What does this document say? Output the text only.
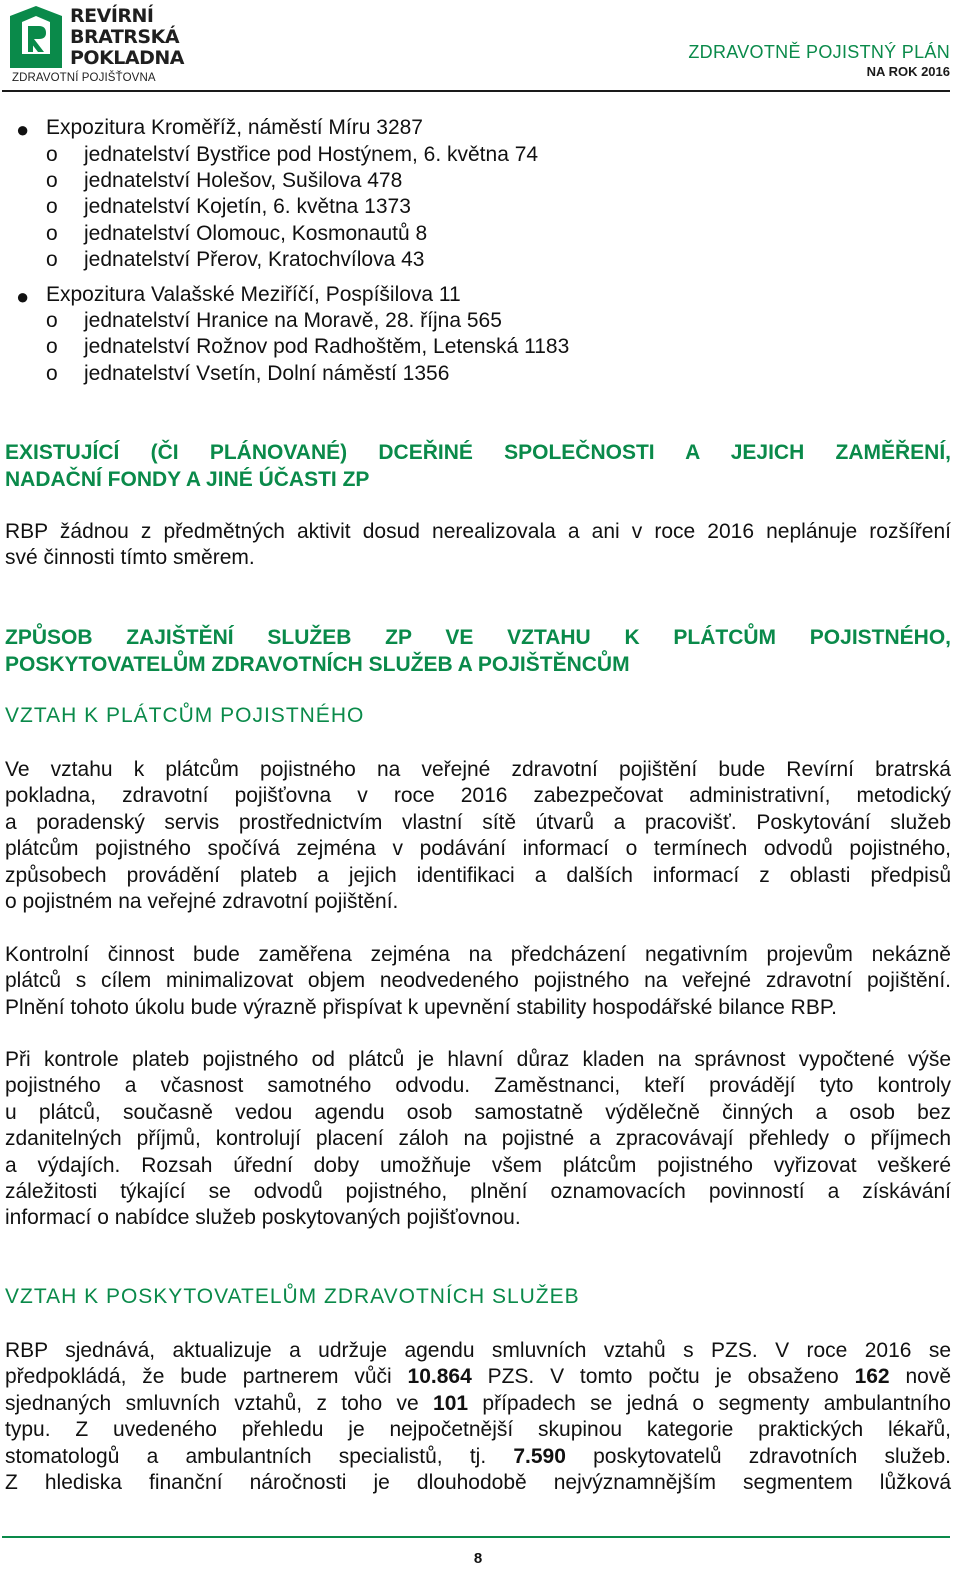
REVÍRNÍ
BRATRSKÁ
POKLADNA
ZDRAVOTNÍ POJIŠŤOVNA
ZDRAVOTNĚ POJISTNÝ PLÁN
NA ROK 2016
● Expozitura Kroměříž, náměstí Míru 3287
o jednatelství Bystřice pod Hostýnem, 6. května 74
o jednatelství Holešov, Sušilova 478
o jednatelství Kojetín, 6. května 1373
o jednatelství Olomouc, Kosmonautů 8
o jednatelství Přerov, Kratochvílova 43
● Expozitura Valašské Meziříčí, Pospíšilova 11
o jednatelství Hranice na Moravě, 28. října 565
o jednatelství Rožnov pod Radhoštěm, Letenská 1183
o jednatelství Vsetín, Dolní náměstí 1356
EXISTUJÍCÍ (ČI PLÁNOVANÉ) DCEŘINÉ SPOLEČNOSTI A JEJICH ZAMĚŘENÍ,
NADAČNÍ FONDY A JINÉ ÚČASTI ZP
RBP žádnou z předmětných aktivit dosud nerealizovala a ani v roce 2016 neplánuje rozšíření
své činnosti tímto směrem.
ZPŮSOB ZAJIŠTĚNÍ SLUŽEB ZP VE VZTAHU K PLÁTCŮM POJISTNÉHO,
POSKYTOVATELŮM ZDRAVOTNÍCH SLUŽEB A POJIŠTĚNCŮM
VZTAH K PLÁTCŮM POJISTNÉHO
Ve vztahu k plátcům pojistného na veřejné zdravotní pojištění bude Revírní bratrská
pokladna, zdravotní pojišťovna v roce 2016 zabezpečovat administrativní, metodický
a poradenský servis prostřednictvím vlastní sítě útvarů a pracovišť. Poskytování služeb
plátcům pojistného spočívá zejména v podávání informací o termínech odvodů pojistného,
způsobech provádění plateb a jejich identifikaci a dalších informací z oblasti předpisů
o pojistném na veřejné zdravotní pojištění.
Kontrolní činnost bude zaměřena zejména na předcházení negativním projevům nekázně
plátců s cílem minimalizovat objem neodvedeného pojistného na veřejné zdravotní pojištění.
Plnění tohoto úkolu bude výrazně přispívat k upevnění stability hospodářské bilance RBP.
Při kontrole plateb pojistného od plátců je hlavní důraz kladen na správnost vypočtené výše
pojistného a včasnost samotného odvodu. Zaměstnanci, kteří provádějí tyto kontroly
u plátců, současně vedou agendu osob samostatně výdělečně činných a osob bez
zdanitelných příjmů, kontrolují placení záloh na pojistné a zpracovávají přehledy o příjmech
a výdajích. Rozsah úřední doby umožňuje všem plátcům pojistného vyřizovat veškeré
záležitosti týkající se odvodů pojistného, plnění oznamovacích povinností a získávání
informací o nabídce služeb poskytovaných pojišťovnou.
VZTAH K POSKYTOVATELŮM ZDRAVOTNÍCH SLUŽEB
RBP sjednává, aktualizuje a udržuje agendu smluvních vztahů s PZS. V roce 2016 se
předpokládá, že bude partnerem vůči 10.864 PZS. V tomto počtu je obsaženo 162 nově
sjednaných smluvních vztahů, z toho ve 101 případech se jedná o segmenty ambulantního
typu. Z uvedeného přehledu je nejpočetnější skupinou kategorie praktických lékařů,
stomatologů a ambulantních specialistů, tj. 7.590 poskytovatelů zdravotních služeb.
Z hlediska finanční náročnosti je dlouhodobě nejvýznamnějším segmentem lůžková
8
